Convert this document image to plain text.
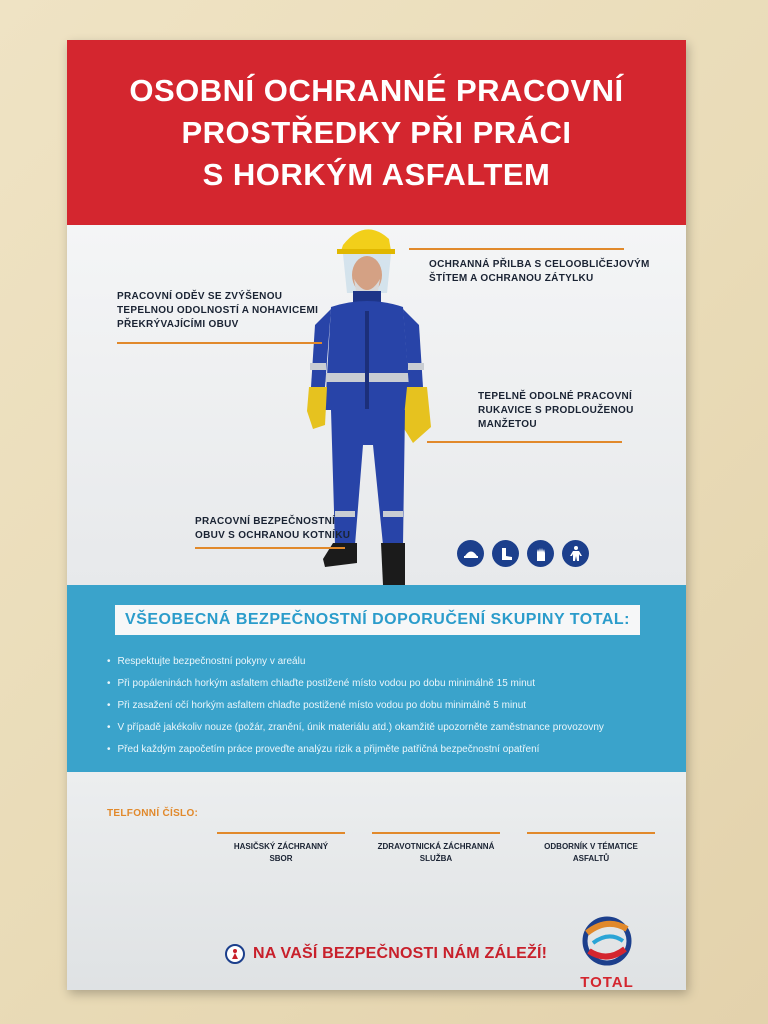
OSOBNÍ OCHRANNÉ PRACOVNÍ
PROSTŘEDKY PŘI PRÁCI
S HORKÝM ASFALTEM
OCHRANNÁ PŘILBA S CELOOBLIČEJOVÝM
ŠTÍTEM A OCHRANOU ZÁTYLKU
PRACOVNÍ ODĚV SE ZVÝŠENOU
TEPELNOU ODOLNOSTÍ A NOHAVICEMI
PŘEKRÝVAJÍCÍMI OBUV
TEPELNĚ ODOLNÉ PRACOVNÍ
RUKAVICE S PRODLOUŽENOU
MANŽETOU
PRACOVNÍ BEZPEČNOSTNÍ
OBUV S OCHRANOU KOTNÍKU
VŠEOBECNÁ BEZPEČNOSTNÍ DOPORUČENÍ SKUPINY TOTAL:
• Respektujte bezpečnostní pokyny v areálu
• Při popáleninách horkým asfaltem chlaďte postižené místo vodou po dobu minimálně 15 minut
• Při zasažení očí horkým asfaltem chlaďte postižené místo vodou po dobu minimálně 5 minut
• V případě jakékoliv nouze (požár, zranění, únik materiálu atd.) okamžitě upozorněte zaměstnance provozovny
• Před každým započetím práce proveďte analýzu rizik a přijměte patřičná bezpečnostní opatření
TELFONNÍ ČÍSLO:
HASIČSKÝ ZÁCHRANNÝ
SBOR
ZDRAVOTNICKÁ ZÁCHRANNÁ
SLUŽBA
ODBORNÍK V TÉMATICE
ASFALTŮ
NA VAŠÍ BEZPEČNOSTI NÁM ZÁLEŽÍ!
TOTAL
